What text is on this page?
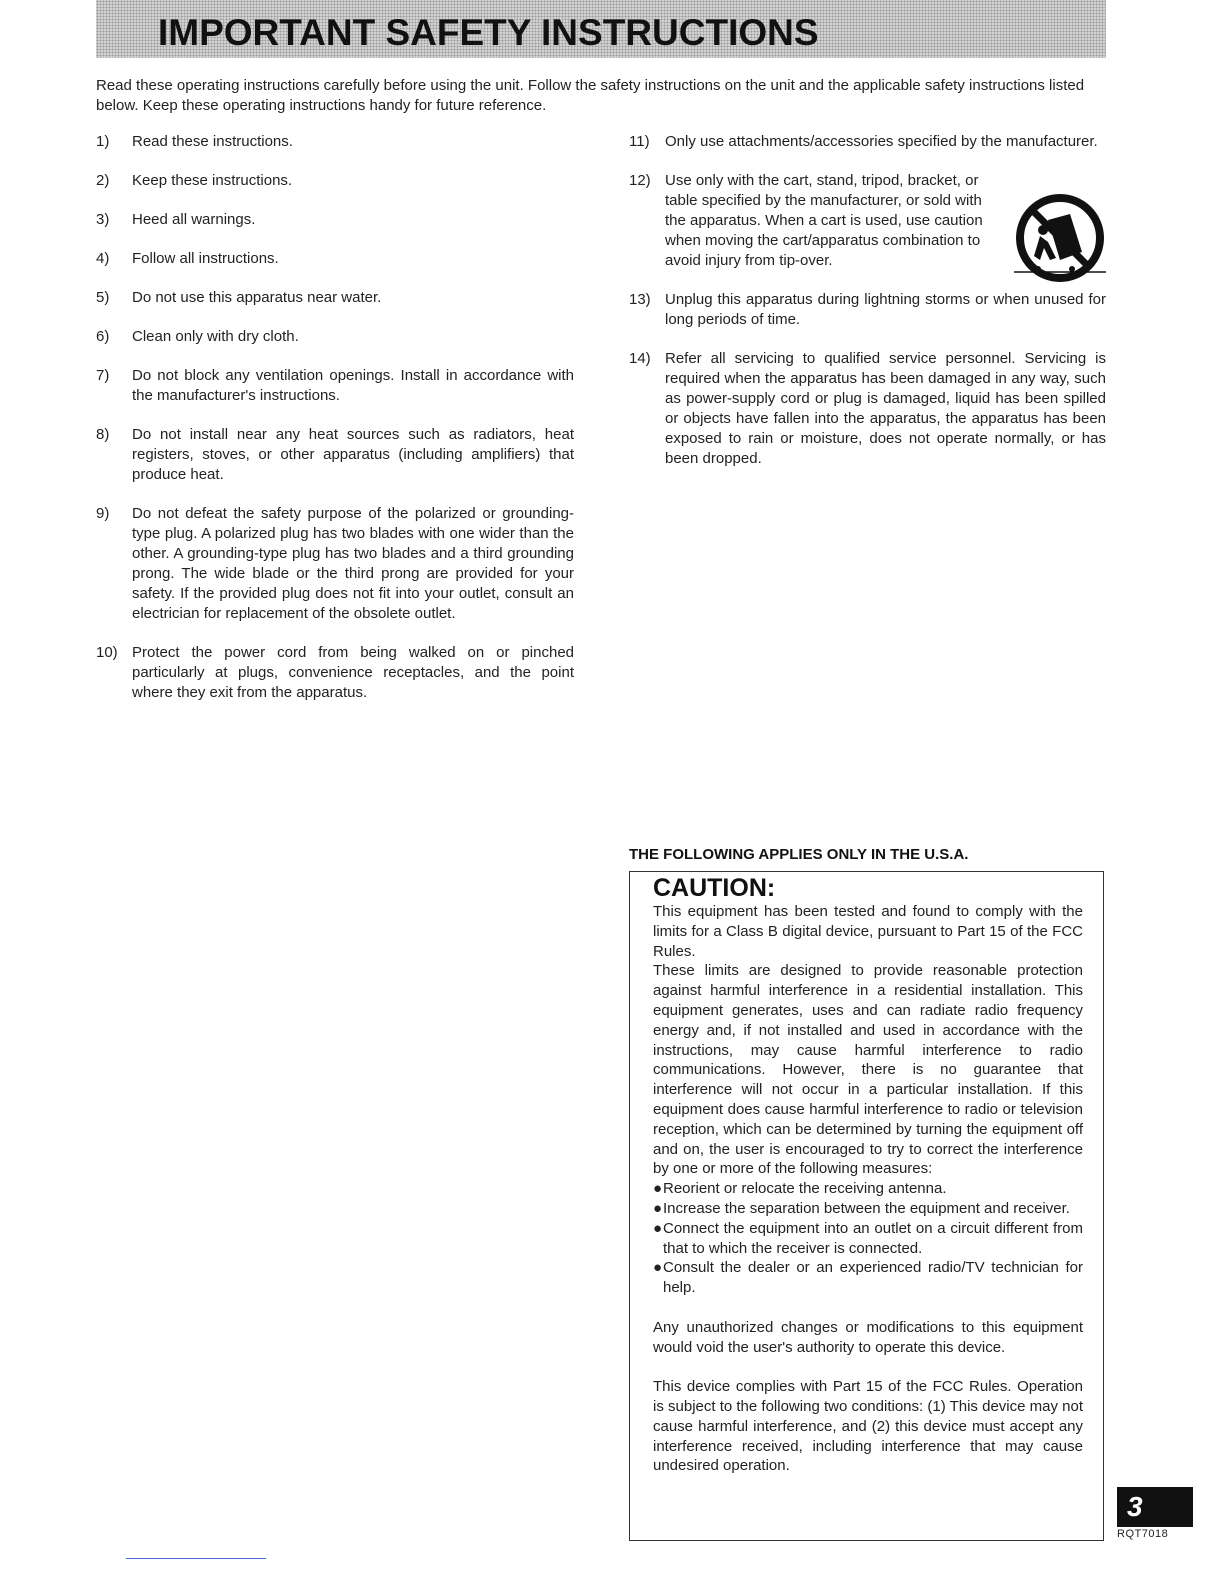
IMPORTANT SAFETY INSTRUCTIONS

Read these operating instructions carefully before using the unit. Follow the safety instructions on the unit and the applicable safety instructions listed below. Keep these operating instructions handy for future reference.

1) Read these instructions.
2) Keep these instructions.
3) Heed all warnings.
4) Follow all instructions.
5) Do not use this apparatus near water.
6) Clean only with dry cloth.
7) Do not block any ventilation openings. Install in accordance with the manufacturer's instructions.
8) Do not install near any heat sources such as radiators, heat registers, stoves, or other apparatus (including amplifiers) that produce heat.
9) Do not defeat the safety purpose of the polarized or grounding-type plug. A polarized plug has two blades with one wider than the other. A grounding-type plug has two blades and a third grounding prong. The wide blade or the third prong are provided for your safety. If the provided plug does not fit into your outlet, consult an electrician for replacement of the obsolete outlet.
10) Protect the power cord from being walked on or pinched particularly at plugs, convenience receptacles, and the point where they exit from the apparatus.
11) Only use attachments/accessories specified by the manufacturer.
12) Use only with the cart, stand, tripod, bracket, or table specified by the manufacturer, or sold with the apparatus. When a cart is used, use caution when moving the cart/apparatus combination to avoid injury from tip-over.
13) Unplug this apparatus during lightning storms or when unused for long periods of time.
14) Refer all servicing to qualified service personnel. Servicing is required when the apparatus has been damaged in any way, such as power-supply cord or plug is damaged, liquid has been spilled or objects have fallen into the apparatus, the apparatus has been exposed to rain or moisture, does not operate normally, or has been dropped.
THE FOLLOWING APPLIES ONLY IN THE U.S.A.
CAUTION:

This equipment has been tested and found to comply with the limits for a Class B digital device, pursuant to Part 15 of the FCC Rules.

These limits are designed to provide reasonable protection against harmful interference in a residential installation. This equipment generates, uses and can radiate radio frequency energy and, if not installed and used in accordance with the instructions, may cause harmful interference to radio communications. However, there is no guarantee that interference will not occur in a particular installation. If this equipment does cause harmful interference to radio or television reception, which can be determined by turning the equipment off and on, the user is encouraged to try to correct the interference by one or more of the following measures:

●Reorient or relocate the receiving antenna.
●Increase the separation between the equipment and receiver.
●Connect the equipment into an outlet on a circuit different from that to which the receiver is connected.
●Consult the dealer or an experienced radio/TV technician for help.

Any unauthorized changes or modifications to this equipment would void the user's authority to operate this device.

This device complies with Part 15 of the FCC Rules. Operation is subject to the following two conditions: (1) This device may not cause harmful interference, and (2) this device must accept any interference received, including interference that may cause undesired operation.

3
RQT7018
